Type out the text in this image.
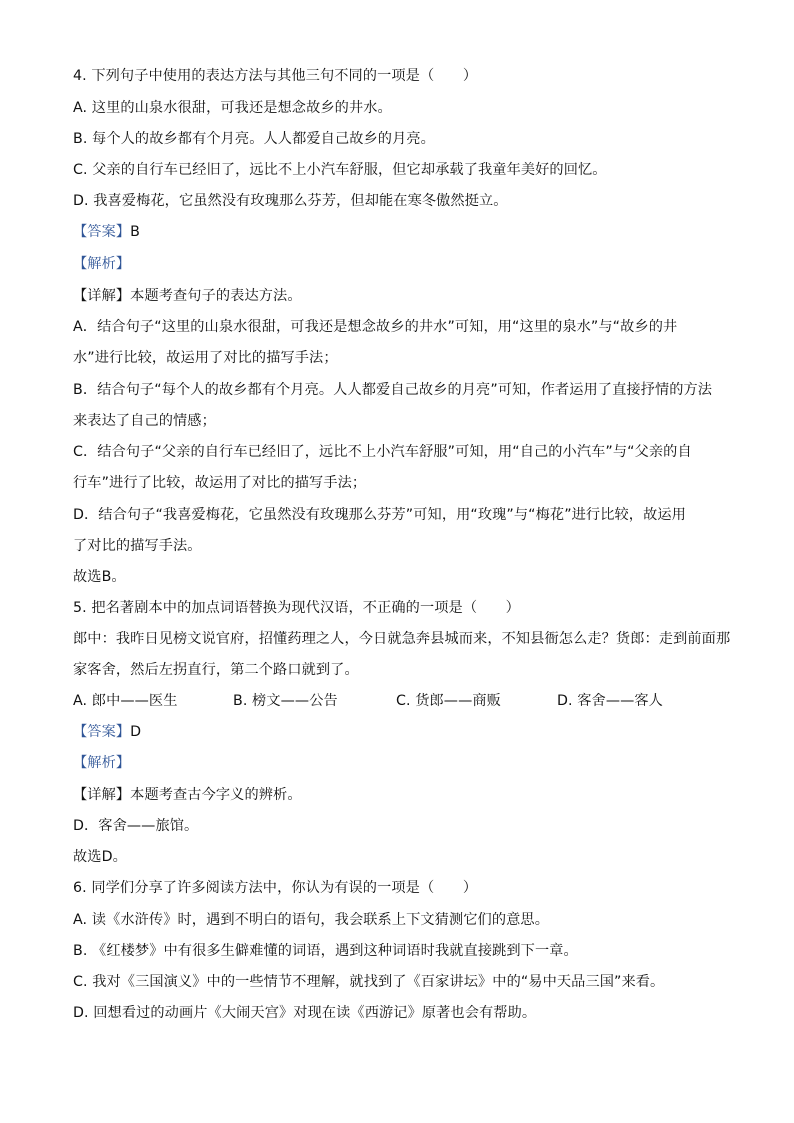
4. 下列句子中使用的表达方法与其他三句不同的一项是（　　）
A. 这里的山泉水很甜，可我还是想念故乡的井水。
B. 每个人的故乡都有个月亮。人人都爱自己故乡的月亮。
C. 父亲的自行车已经旧了，远比不上小汽车舒服，但它却承载了我童年美好的回忆。
D. 我喜爱梅花，它虽然没有玫瑰那么芬芳，但却能在寒冬傲然挺立。
【答案】B
【解析】
【详解】本题考查句子的表达方法。
A．结合句子“这里的山泉水很甜，可我还是想念故乡的井水”可知，用“这里的泉水”与“故乡的井
水”进行比较，故运用了对比的描写手法；
B．结合句子“每个人的故乡都有个月亮。人人都爱自己故乡的月亮”可知，作者运用了直接抒情的方法
来表达了自己的情感；
C．结合句子“父亲的自行车已经旧了，远比不上小汽车舒服”可知，用“自己的小汽车”与“父亲的自
行车”进行了比较，故运用了对比的描写手法；
D．结合句子“我喜爱梅花，它虽然没有玫瑰那么芬芳”可知，用“玫瑰”与“梅花”进行比较，故运用
了对比的描写手法。
故选B。
5. 把名著剧本中的加点词语替换为现代汉语，不正确的一项是（　　）
郎中：我昨日见榜文说官府，招懂药理之人，今日就急奔县城而来，不知县衙怎么走？货郎：走到前面那
家客舍，然后左拐直行，第二个路口就到了。
A. 郎中——医生	B. 榜文——公告	C. 货郎——商贩	D. 客舍——客人
【答案】D
【解析】
【详解】本题考查古今字义的辨析。
D．客舍——旅馆。
故选D。
6. 同学们分享了许多阅读方法中，你认为有误的一项是（　　）
A. 读《水浒传》时，遇到不明白的语句，我会联系上下文猜测它们的意思。
B. 《红楼梦》中有很多生僻难懂的词语，遇到这种词语时我就直接跳到下一章。
C. 我对《三国演义》中的一些情节不理解，就找到了《百家讲坛》中的“易中天品三国”来看。
D. 回想看过的动画片《大闹天宫》对现在读《西游记》原著也会有帮助。
